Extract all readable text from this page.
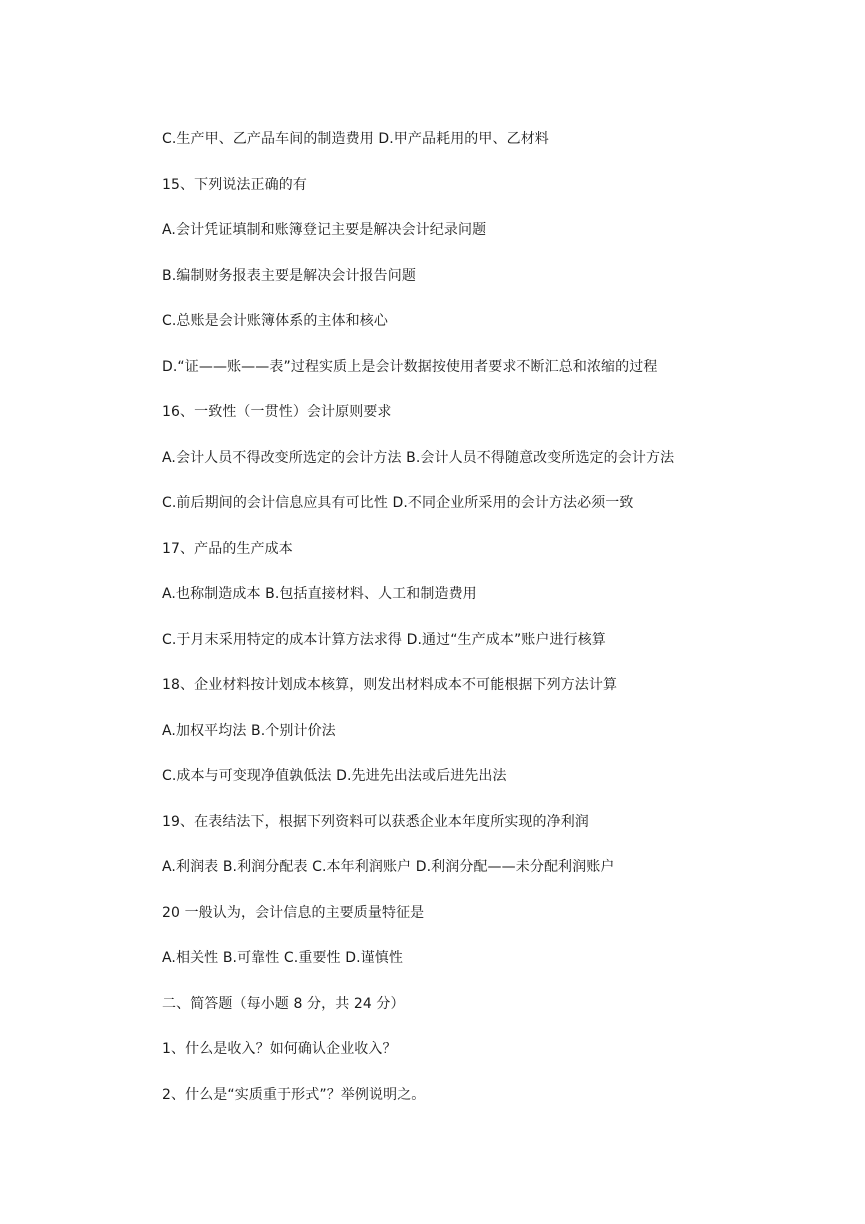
C.生产甲、乙产品车间的制造费用 D.甲产品耗用的甲、乙材料
15、下列说法正确的有
A.会计凭证填制和账簿登记主要是解决会计纪录问题
B.编制财务报表主要是解决会计报告问题
C.总账是会计账簿体系的主体和核心
D.“证——账——表”过程实质上是会计数据按使用者要求不断汇总和浓缩的过程
16、一致性（一贯性）会计原则要求
A.会计人员不得改变所选定的会计方法 B.会计人员不得随意改变所选定的会计方法
C.前后期间的会计信息应具有可比性 D.不同企业所采用的会计方法必须一致
17、产品的生产成本
A.也称制造成本 B.包括直接材料、人工和制造费用
C.于月末采用特定的成本计算方法求得 D.通过“生产成本”账户进行核算
18、企业材料按计划成本核算，则发出材料成本不可能根据下列方法计算
A.加权平均法 B.个别计价法
C.成本与可变现净值孰低法 D.先进先出法或后进先出法
19、在表结法下，根据下列资料可以获悉企业本年度所实现的净利润
A.利润表 B.利润分配表 C.本年利润账户 D.利润分配——未分配利润账户
20 一般认为，会计信息的主要质量特征是
A.相关性 B.可靠性 C.重要性 D.谨慎性
二、简答题（每小题 8 分，共 24 分）
1、什么是收入？如何确认企业收入？
2、什么是“实质重于形式”？举例说明之。
